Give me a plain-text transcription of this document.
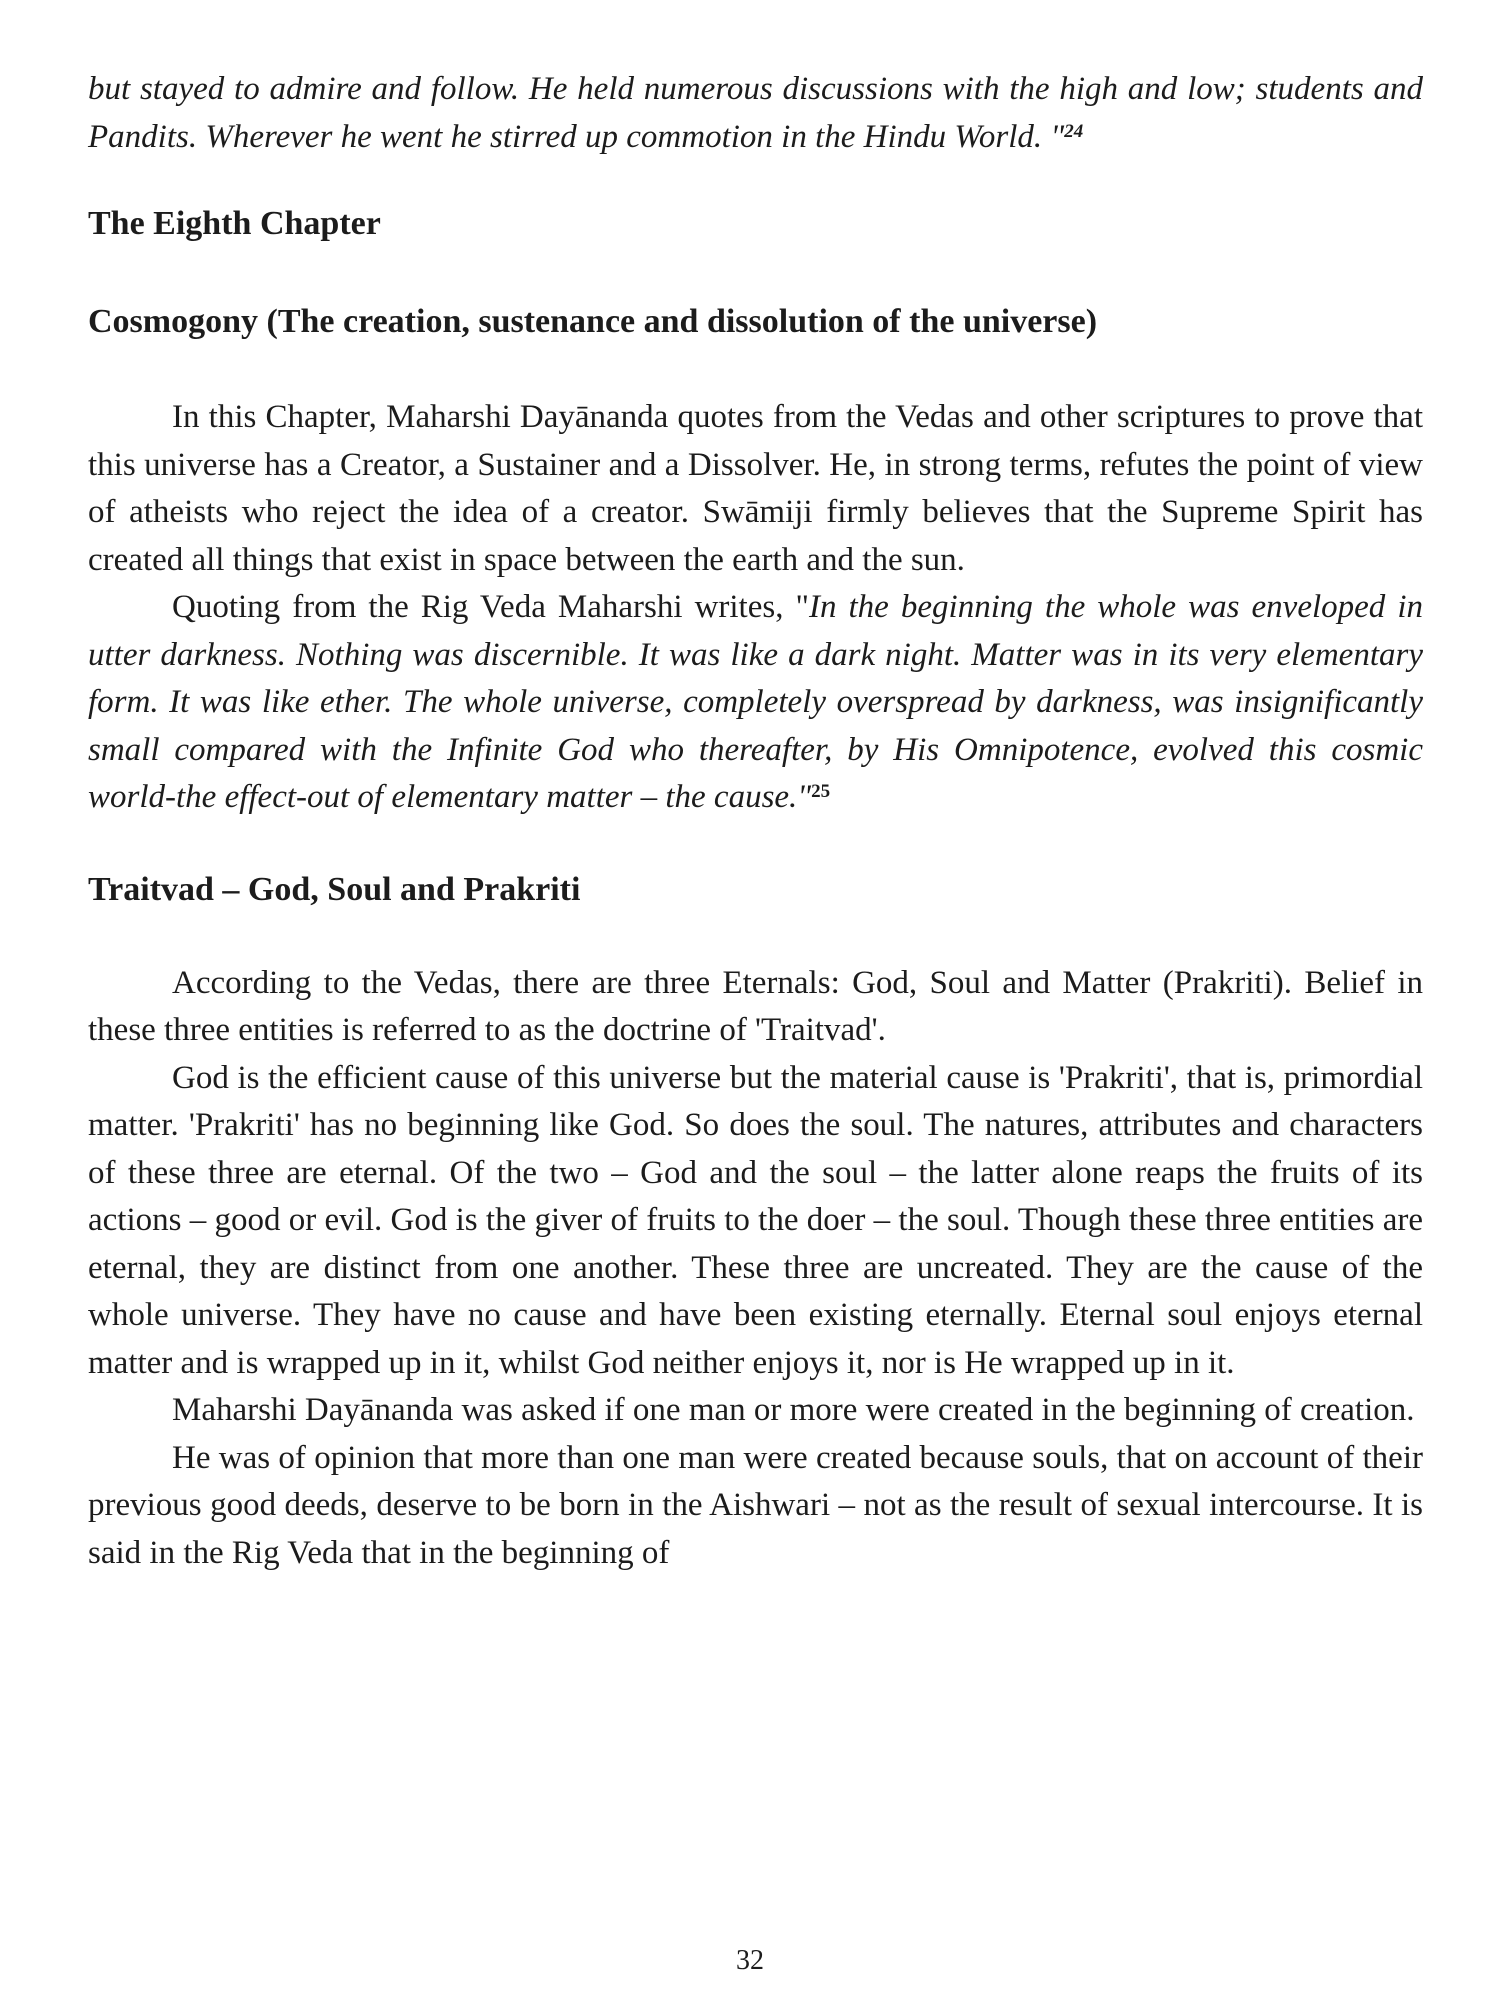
but stayed to admire and follow. He held numerous discussions with the high and low; students and Pandits. Wherever he went he stirred up commotion in the Hindu World. "$^{24}$

The Eighth Chapter
Cosmogony (The creation, sustenance and dissolution of the universe)

In this Chapter, Maharshi Dayānanda quotes from the Vedas and other scriptures to prove that this universe has a Creator, a Sustainer and a Dissolver. He, in strong terms, refutes the point of view of atheists who reject the idea of a creator. Swāmiji firmly believes that the Supreme Spirit has created all things that exist in space between the earth and the sun.

Quoting from the Rig Veda Maharshi writes, "In the beginning the whole was enveloped in utter darkness. Nothing was discernible. It was like a dark night. Matter was in its very elementary form. It was like ether. The whole universe, completely overspread by darkness, was insignificantly small compared with the Infinite God who thereafter, by His Omnipotence, evolved this cosmic world-the effect-out of elementary matter – the cause."$^{25}$

Traitvad – God, Soul and Prakriti

According to the Vedas, there are three Eternals: God, Soul and Matter (Prakriti). Belief in these three entities is referred to as the doctrine of 'Traitvad'.

God is the efficient cause of this universe but the material cause is 'Prakriti', that is, primordial matter. 'Prakriti' has no beginning like God. So does the soul. The natures, attributes and characters of these three are eternal. Of the two – God and the soul – the latter alone reaps the fruits of its actions – good or evil. God is the giver of fruits to the doer – the soul. Though these three entities are eternal, they are distinct from one another. These three are uncreated. They are the cause of the whole universe. They have no cause and have been existing eternally. Eternal soul enjoys eternal matter and is wrapped up in it, whilst God neither enjoys it, nor is He wrapped up in it.

Maharshi Dayānanda was asked if one man or more were created in the beginning of creation.

He was of opinion that more than one man were created because souls, that on account of their previous good deeds, deserve to be born in the Aishwari – not as the result of sexual intercourse. It is said in the Rig Veda that in the beginning of

32
